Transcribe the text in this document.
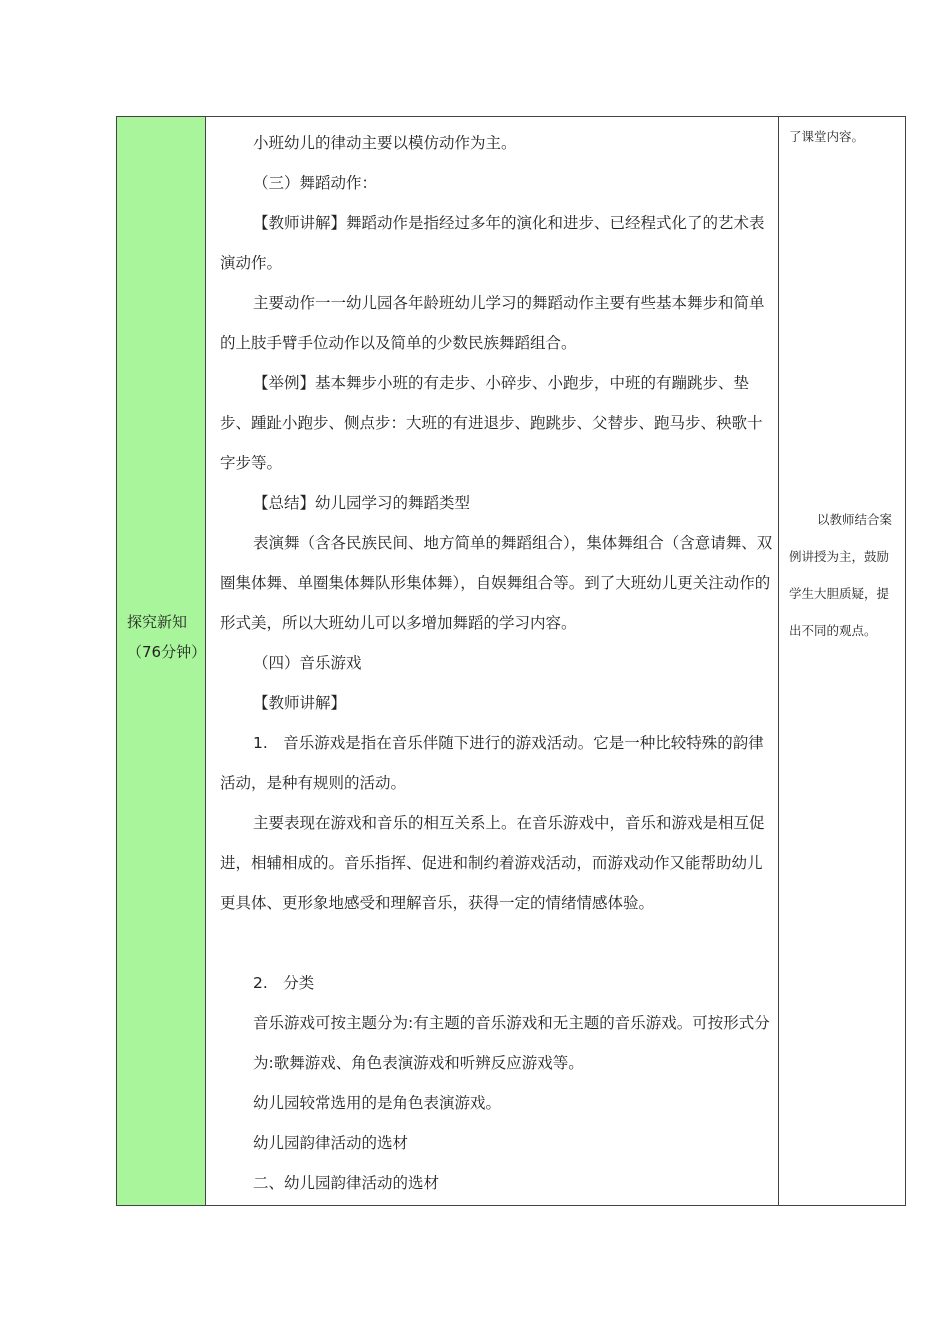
探究新知（76分钟）

小班幼儿的律动主要以模仿动作为主。

（三）舞蹈动作：

【教师讲解】舞蹈动作是指经过多年的演化和进步、已经程式化了的艺术表演动作。

主要动作一一幼儿园各年龄班幼儿学习的舞蹈动作主要有些基本舞步和简单的上肢手臂手位动作以及简单的少数民族舞蹈组合。

【举例】基本舞步小班的有走步、小碎步、小跑步，中班的有蹦跳步、垫步、踵趾小跑步、侧点步：大班的有进退步、跑跳步、父替步、跑马步、秧歌十字步等。

【总结】幼儿园学习的舞蹈类型

表演舞（含各民族民间、地方简单的舞蹈组合），集体舞组合（含意请舞、双圈集体舞、单圈集体舞队形集体舞），自娱舞组合等。到了大班幼儿更关注动作的形式美，所以大班幼儿可以多增加舞蹈的学习内容。

（四）音乐游戏

【教师讲解】

1.　音乐游戏是指在音乐伴随下进行的游戏活动。它是一种比较特殊的韵律活动，是种有规则的活动。

主要表现在游戏和音乐的相互关系上。在音乐游戏中，音乐和游戏是相互促进，相辅相成的。音乐指挥、促进和制约着游戏活动，而游戏动作又能帮助幼儿更具体、更形象地感受和理解音乐，获得一定的情绪情感体验。

2.　分类

音乐游戏可按主题分为:有主题的音乐游戏和无主题的音乐游戏。可按形式分为:歌舞游戏、角色表演游戏和听辨反应游戏等。

幼儿园较常选用的是角色表演游戏。

幼儿园韵律活动的选材

二、幼儿园韵律活动的选材

了课堂内容。
以教师结合案例讲授为主，鼓励学生大胆质疑，提出不同的观点。
